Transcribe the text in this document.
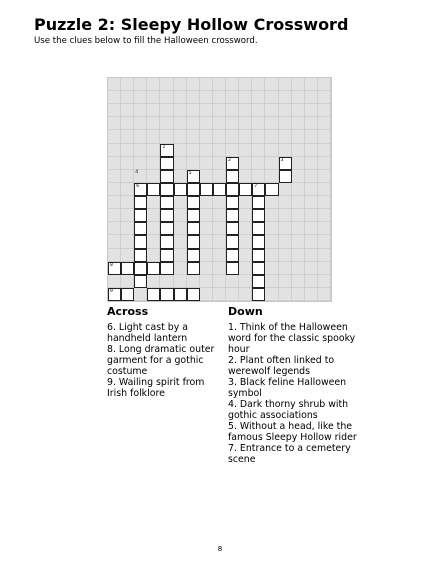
Puzzle 2: Sleepy Hollow Crossword
Use the clues below to fill the Halloween crossword.
1
2	3
4	5
6	7
8
9
Across

6. Light cast by a handheld lantern

8. Long dramatic outer garment for a gothic costume

9. Wailing spirit from Irish folklore

Down

1. Think of the Halloween word for the classic spooky hour

2. Plant often linked to werewolf legends

3. Black feline Halloween symbol

4. Dark thorny shrub with gothic associations

5. Without a head, like the famous Sleepy Hollow rider

7. Entrance to a cemetery scene

8
